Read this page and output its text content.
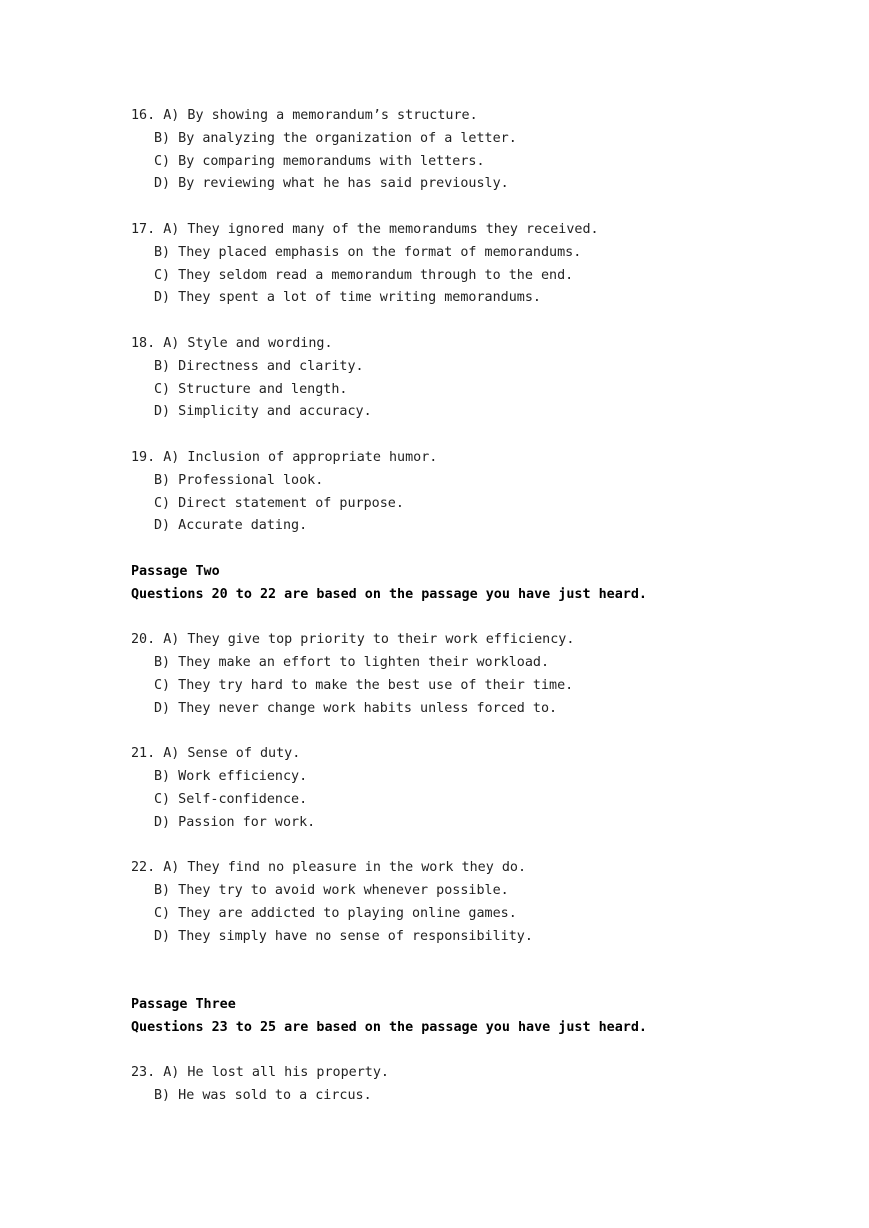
16. A) By showing a memorandum’s structure.
B) By analyzing the organization of a letter.
C) By comparing memorandums with letters.
D) By reviewing what he has said previously.
17. A) They ignored many of the memorandums they received.
B) They placed emphasis on the format of memorandums.
C) They seldom read a memorandum through to the end.
D) They spent a lot of time writing memorandums.
18. A) Style and wording.
B) Directness and clarity.
C) Structure and length.
D) Simplicity and accuracy.
19. A) Inclusion of appropriate humor.
B) Professional look.
C) Direct statement of purpose.
D) Accurate dating.
Passage Two
Questions 20 to 22 are based on the passage you have just heard.
20. A) They give top priority to their work efficiency.
B) They make an effort to lighten their workload.
C) They try hard to make the best use of their time.
D) They never change work habits unless forced to.
21. A) Sense of duty.
B) Work efficiency.
C) Self-confidence.
D) Passion for work.
22. A) They find no pleasure in the work they do.
B) They try to avoid work whenever possible.
C) They are addicted to playing online games.
D) They simply have no sense of responsibility.
Passage Three
Questions 23 to 25 are based on the passage you have just heard.
23. A) He lost all his property.
B) He was sold to a circus.
